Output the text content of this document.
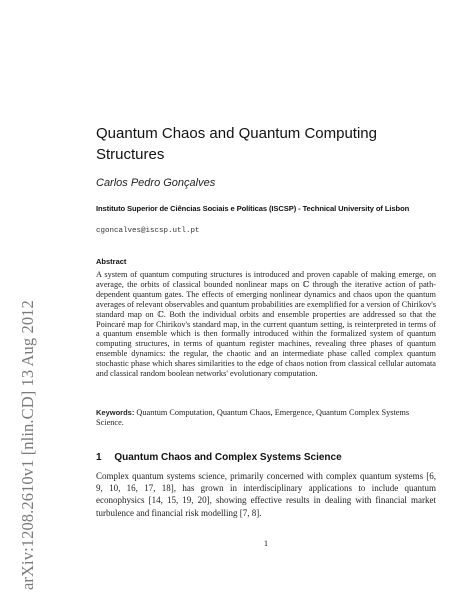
arXiv:1208.2610v1 [nlin.CD] 13 Aug 2012
Quantum Chaos and Quantum Computing Structures
Carlos Pedro Gonçalves
Instituto Superior de Ciências Sociais e Políticas (ISCSP) - Technical University of Lisbon
cgoncalves@iscsp.utl.pt
Abstract
A system of quantum computing structures is introduced and proven capable of making emerge, on average, the orbits of classical bounded nonlinear maps on ℂ through the iterative action of path-dependent quantum gates. The effects of emerging nonlinear dynamics and chaos upon the quantum averages of relevant observables and quantum probabilities are exemplified for a version of Chirikov's standard map on ℂ. Both the individual orbits and ensemble properties are addressed so that the Poincaré map for Chirikov's standard map, in the current quantum setting, is reinterpreted in terms of a quantum ensemble which is then formally introduced within the formalized system of quantum computing structures, in terms of quantum register machines, revealing three phases of quantum ensemble dynamics: the regular, the chaotic and an intermediate phase called complex quantum stochastic phase which shares similarities to the edge of chaos notion from classical cellular automata and classical random boolean networks' evolutionary computation.
Keywords: Quantum Computation, Quantum Chaos, Emergence, Quantum Complex Systems Science.
1 Quantum Chaos and Complex Systems Science
Complex quantum systems science, primarily concerned with complex quantum systems [6, 9, 10, 16, 17, 18], has grown in interdisciplinary applications to include quantum econophysics [14, 15, 19, 20], showing effective results in dealing with financial market turbulence and financial risk modelling [7, 8].
1
